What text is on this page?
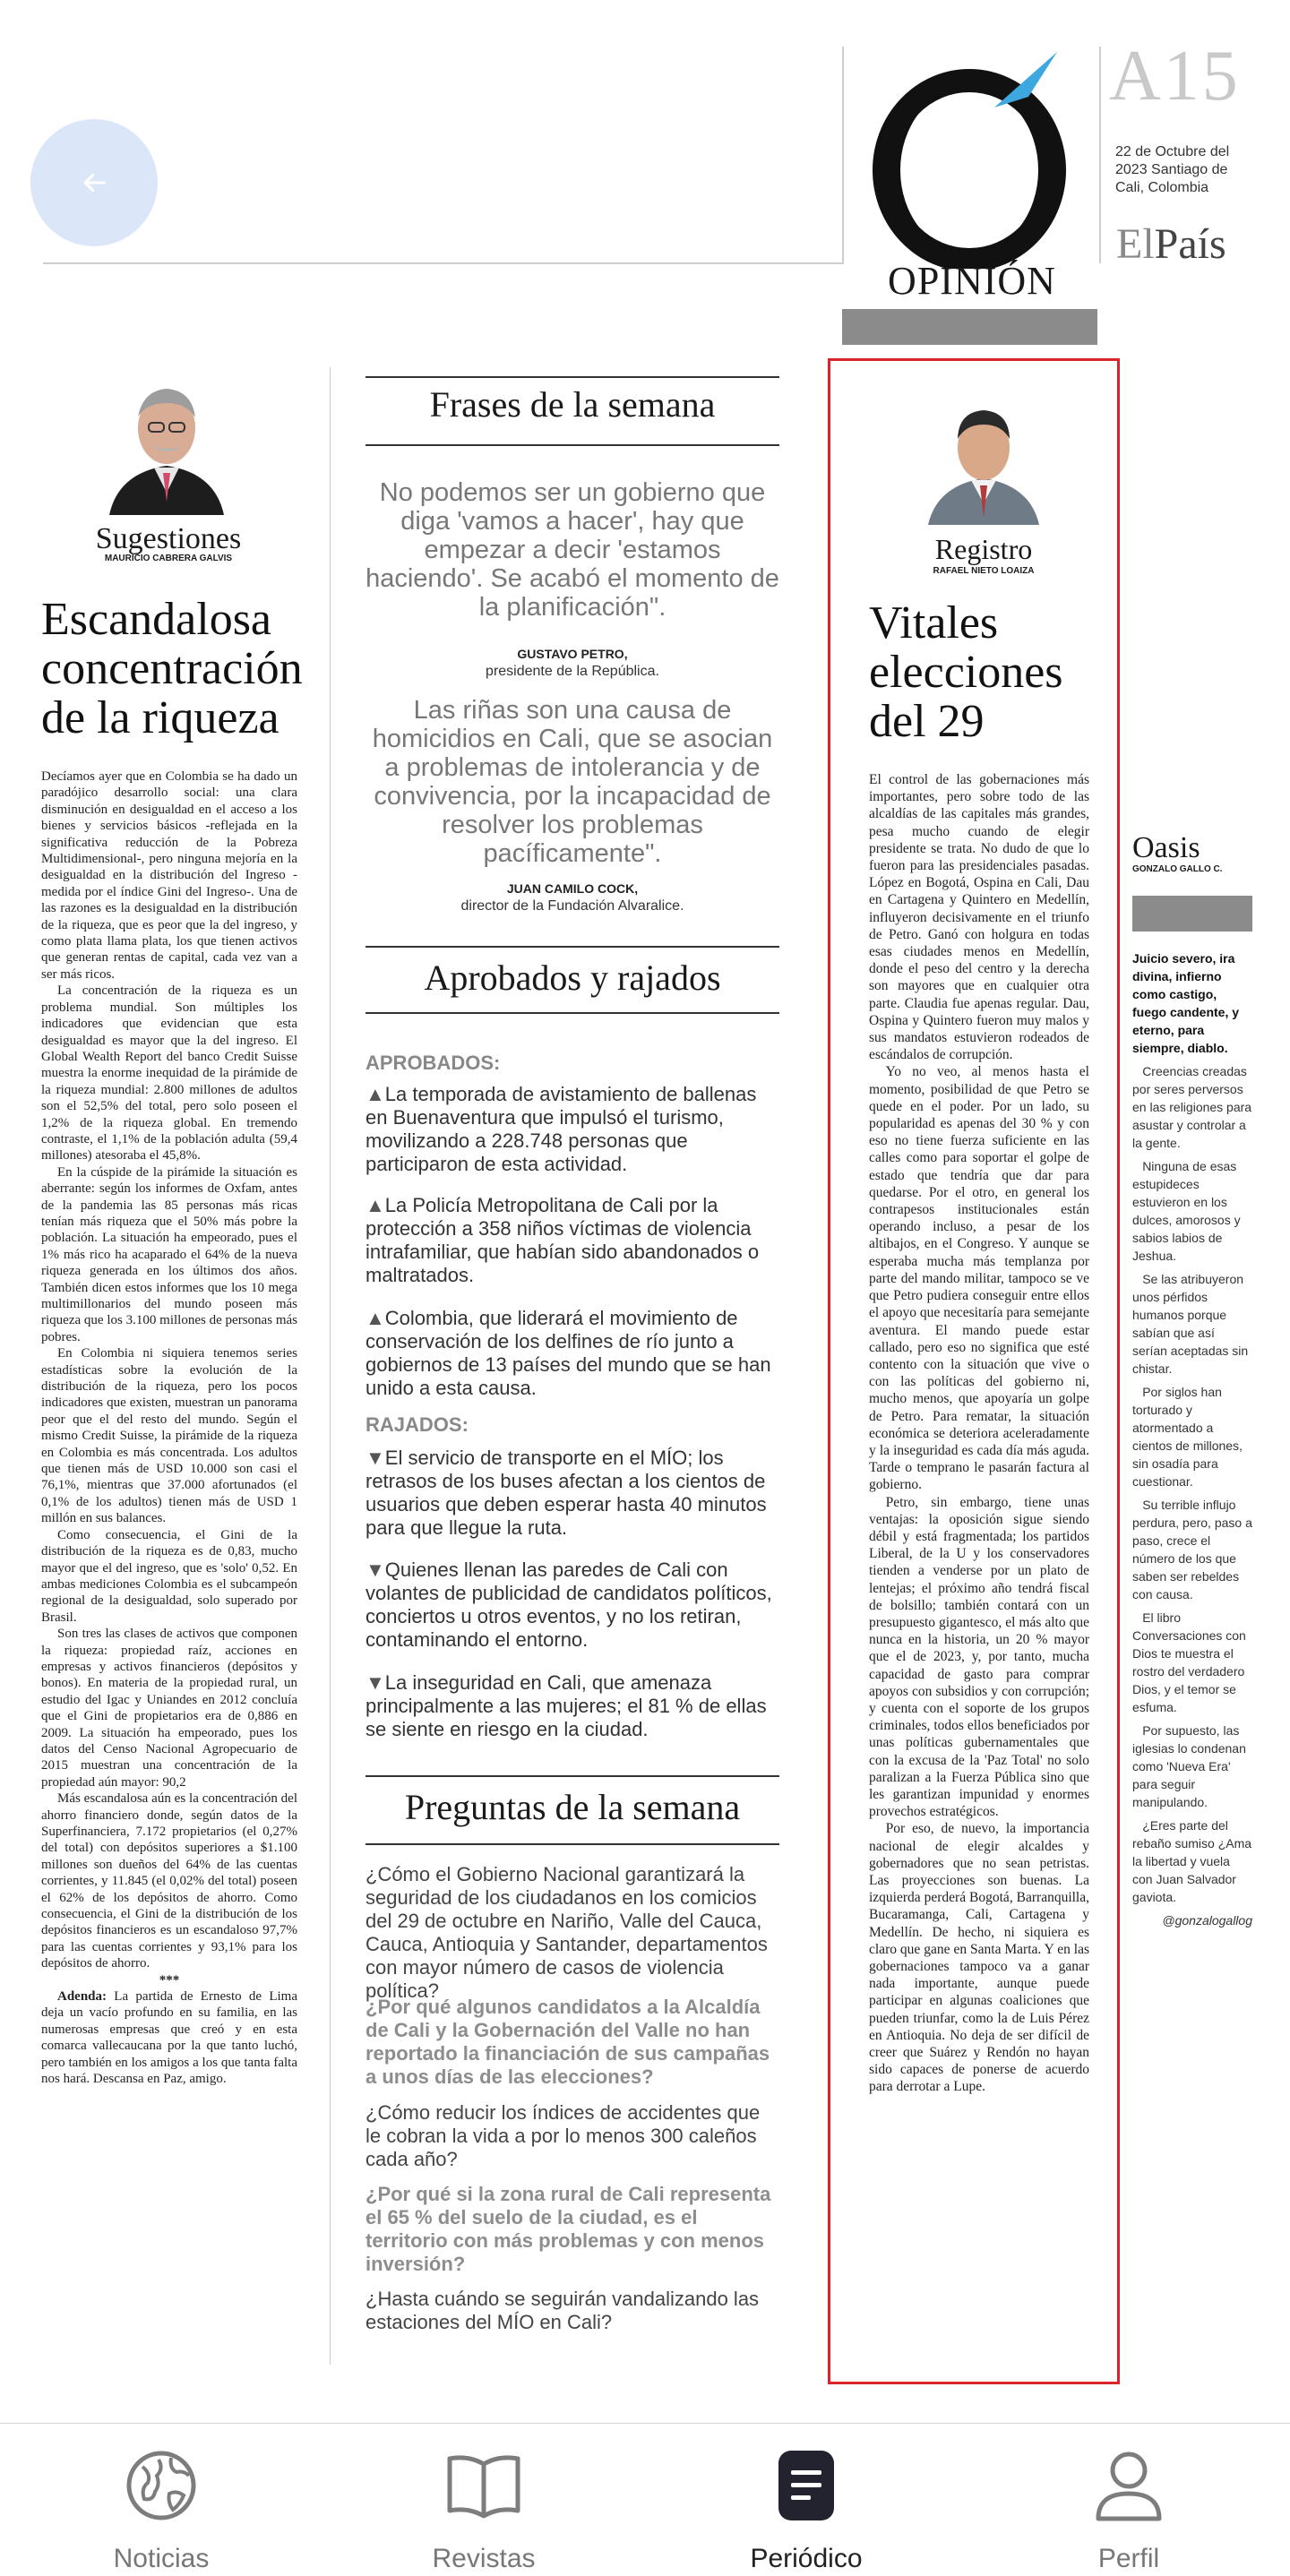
OPINIÓN
A15
22 de Octubre del 2023 Santiago de Cali, Colombia
ElPaís
Sugestiones
MAURICIO CABRERA GALVIS
Escandalosa concentración de la riqueza

Decíamos ayer que en Colombia se ha dado un paradójico desarrollo social: una clara disminución en desigualdad en el acceso a los bienes y servicios básicos -reflejada en la significativa reducción de la Pobreza Multidimensional-, pero ninguna mejoría en la desigualdad en la distribución del Ingreso -medida por el índice Gini del Ingreso-. Una de las razones es la desigualdad en la distribución de la riqueza, que es peor que la del ingreso, y como plata llama plata, los que tienen activos que generan rentas de capital, cada vez van a ser más ricos.

La concentración de la riqueza es un problema mundial. Son múltiples los indicadores que evidencian que esta desigualdad es mayor que la del ingreso. El Global Wealth Report del banco Credit Suisse muestra la enorme inequidad de la pirámide de la riqueza mundial: 2.800 millones de adultos son el 52,5% del total, pero solo poseen el 1,2% de la riqueza global. En tremendo contraste, el 1,1% de la población adulta (59,4 millones) atesoraba el 45,8%.

En la cúspide de la pirámide la situación es aberrante: según los informes de Oxfam, antes de la pandemia las 85 personas más ricas tenían más riqueza que el 50% más pobre la población. La situación ha empeorado, pues el 1% más rico ha acaparado el 64% de la nueva riqueza generada en los últimos dos años. También dicen estos informes que los 10 mega multimillonarios del mundo poseen más riqueza que los 3.100 millones de personas más pobres.

En Colombia ni siquiera tenemos series estadísticas sobre la evolución de la distribución de la riqueza, pero los pocos indicadores que existen, muestran un panorama peor que el del resto del mundo. Según el mismo Credit Suisse, la pirámide de la riqueza en Colombia es más concentrada. Los adultos que tienen más de USD 10.000 son casi el 76,1%, mientras que 37.000 afortunados (el 0,1% de los adultos) tienen más de USD 1 millón en sus balances.

Como consecuencia, el Gini de la distribución de la riqueza es de 0,83, mucho mayor que el del ingreso, que es 'solo' 0,52. En ambas mediciones Colombia es el subcampeón regional de la desigualdad, solo superado por Brasil.

Son tres las clases de activos que componen la riqueza: propiedad raíz, acciones en empresas y activos financieros (depósitos y bonos). En materia de la propiedad rural, un estudio del Igac y Uniandes en 2012 concluía que el Gini de propietarios era de 0,886 en 2009. La situación ha empeorado, pues los datos del Censo Nacional Agropecuario de 2015 muestran una concentración de la propiedad aún mayor: 90,2

Más escandalosa aún es la concentración del ahorro financiero donde, según datos de la Superfinanciera, 7.172 propietarios (el 0,27% del total) con depósitos superiores a $1.100 millones son dueños del 64% de las cuentas corrientes, y 11.845 (el 0,02% del total) poseen el 62% de los depósitos de ahorro. Como consecuencia, el Gini de la distribución de los depósitos financieros es un escandaloso 97,7% para las cuentas corrientes y 93,1% para los depósitos de ahorro.

***

Adenda: La partida de Ernesto de Lima deja un vacío profundo en su familia, en las numerosas empresas que creó y en esta comarca vallecaucana por la que tanto luchó, pero también en los amigos a los que tanta falta nos hará. Descansa en Paz, amigo.

Frases de la semana
No podemos ser un gobierno que diga 'vamos a hacer', hay que empezar a decir 'estamos haciendo'. Se acabó el momento de la planificación".
GUSTAVO PETRO,
presidente de la República.
Las riñas son una causa de homicidios en Cali, que se asocian a problemas de intolerancia y de convivencia, por la incapacidad de resolver los problemas pacíficamente".
JUAN CAMILO COCK,
director de la Fundación Alvaralice.
Aprobados y rajados
APROBADOS:
▲La temporada de avistamiento de ballenas en Buenaventura que impulsó el turismo, movilizando a 228.748 personas que participaron de esta actividad.
▲La Policía Metropolitana de Cali por la protección a 358 niños víctimas de violencia intrafamiliar, que habían sido abandonados o maltratados.
▲Colombia, que liderará el movimiento de conservación de los delfines de río junto a gobiernos de 13 países del mundo que se han unido a esta causa.
RAJADOS:
▼El servicio de transporte en el MÍO; los retrasos de los buses afectan a los cientos de usuarios que deben esperar hasta 40 minutos para que llegue la ruta.
▼Quienes llenan las paredes de Cali con volantes de publicidad de candidatos políticos, conciertos u otros eventos, y no los retiran, contaminando el entorno.
▼La inseguridad en Cali, que amenaza principalmente a las mujeres; el 81 % de ellas se siente en riesgo en la ciudad.
Preguntas de la semana
¿Cómo el Gobierno Nacional garantizará la seguridad de los ciudadanos en los comicios del 29 de octubre en Nariño, Valle del Cauca, Cauca, Antioquia y Santander, departamentos con mayor número de casos de violencia política?
¿Por qué algunos candidatos a la Alcaldía de Cali y la Gobernación del Valle no han reportado la financiación de sus campañas a unos días de las elecciones?
¿Cómo reducir los índices de accidentes que le cobran la vida a por lo menos 300 caleños cada año?
¿Por qué si la zona rural de Cali representa el 65 % del suelo de la ciudad, es el territorio con más problemas y con menos inversión?
¿Hasta cuándo se seguirán vandalizando las estaciones del MÍO en Cali?
Registro
RAFAEL NIETO LOAIZA
Vitales elecciones del 29

El control de las gobernaciones más importantes, pero sobre todo de las alcaldías de las capitales más grandes, pesa mucho cuando de elegir presidente se trata. No dudo de que lo fueron para las presidenciales pasadas. López en Bogotá, Ospina en Cali, Dau en Cartagena y Quintero en Medellín, influyeron decisivamente en el triunfo de Petro. Ganó con holgura en todas esas ciudades menos en Medellín, donde el peso del centro y la derecha son mayores que en cualquier otra parte. Claudia fue apenas regular. Dau, Ospina y Quintero fueron muy malos y sus mandatos estuvieron rodeados de escándalos de corrupción.

Yo no veo, al menos hasta el momento, posibilidad de que Petro se quede en el poder. Por un lado, su popularidad es apenas del 30 % y con eso no tiene fuerza suficiente en las calles como para soportar el golpe de estado que tendría que dar para quedarse. Por el otro, en general los contrapesos institucionales están operando incluso, a pesar de los altibajos, en el Congreso. Y aunque se esperaba mucha más templanza por parte del mando militar, tampoco se ve que Petro pudiera conseguir entre ellos el apoyo que necesitaría para semejante aventura. El mando puede estar callado, pero eso no significa que esté contento con la situación que vive o con las políticas del gobierno ni, mucho menos, que apoyaría un golpe de Petro. Para rematar, la situación económica se deteriora aceleradamente y la inseguridad es cada día más aguda. Tarde o temprano le pasarán factura al gobierno.

Petro, sin embargo, tiene unas ventajas: la oposición sigue siendo débil y está fragmentada; los partidos Liberal, de la U y los conservadores tienden a venderse por un plato de lentejas; el próximo año tendrá fiscal de bolsillo; también contará con un presupuesto gigantesco, el más alto que nunca en la historia, un 20 % mayor que el de 2023, y, por tanto, mucha capacidad de gasto para comprar apoyos con subsidios y con corrupción; y cuenta con el soporte de los grupos criminales, todos ellos beneficiados por unas políticas gubernamentales que con la excusa de la 'Paz Total' no solo paralizan a la Fuerza Pública sino que les garantizan impunidad y enormes provechos estratégicos.

Por eso, de nuevo, la importancia nacional de elegir alcaldes y gobernadores que no sean petristas. Las proyecciones son buenas. La izquierda perderá Bogotá, Barranquilla, Bucaramanga, Cali, Cartagena y Medellín. De hecho, ni siquiera es claro que gane en Santa Marta. Y en las gobernaciones tampoco va a ganar nada importante, aunque puede participar en algunas coaliciones que pueden triunfar, como la de Luis Pérez en Antioquia. No deja de ser difícil de creer que Suárez y Rendón no hayan sido capaces de ponerse de acuerdo para derrotar a Lupe.

Oasis
GONZALO GALLO C.

Juicio severo, ira divina, infierno como castigo, fuego candente, y eterno, para siempre, diablo.

Creencias creadas por seres perversos en las religiones para asustar y controlar a la gente.

Ninguna de esas estupideces estuvieron en los dulces, amorosos y sabios labios de Jeshua.

Se las atribuyeron unos pérfidos humanos porque sabían que así serían aceptadas sin chistar.

Por siglos han torturado y atormentado a cientos de millones, sin osadía para cuestionar.

Su terrible influjo perdura, pero, paso a paso, crece el número de los que saben ser rebeldes con causa.

El libro Conversaciones con Dios te muestra el rostro del verdadero Dios, y el temor se esfuma.

Por supuesto, las iglesias lo condenan como 'Nueva Era' para seguir manipulando.

¿Eres parte del rebaño sumiso ¿Ama la libertad y vuela con Juan Salvador gaviota.

@gonzalogallog

Noticias	Revistas	Periódico	Perfil
